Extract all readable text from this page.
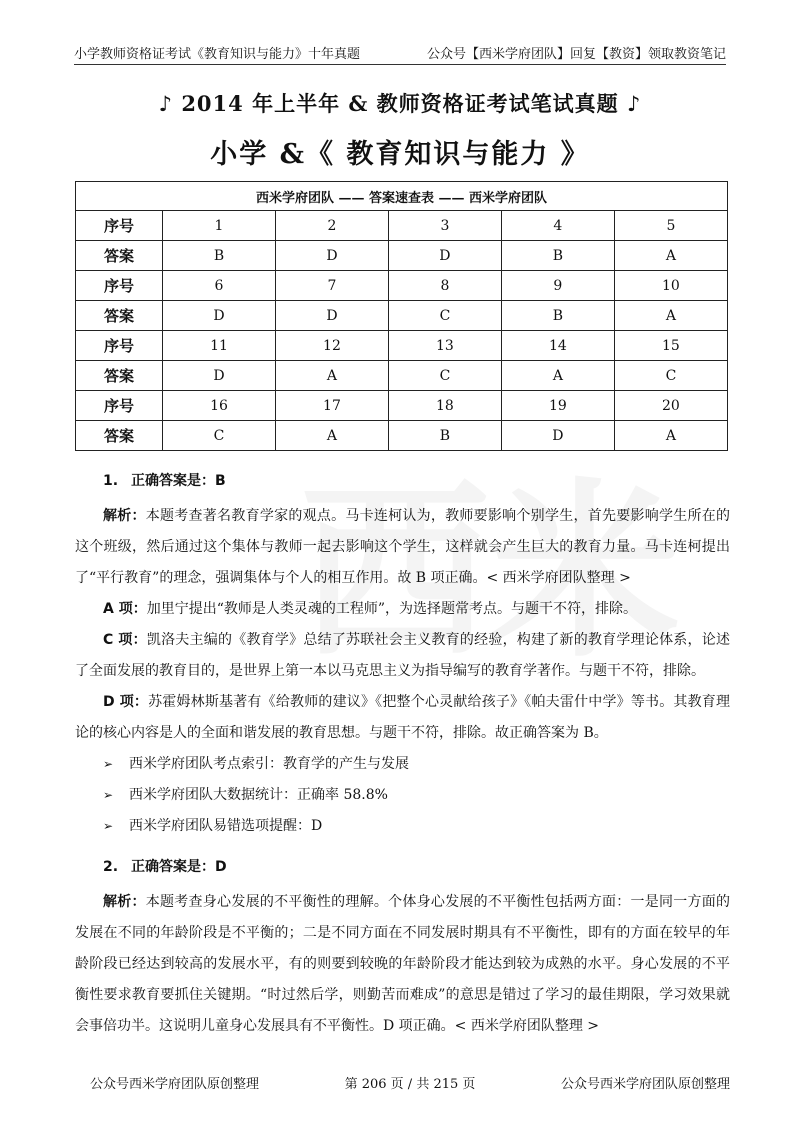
小学教师资格证考试《教育知识与能力》十年真题	公众号【西米学府团队】回复【教资】领取教资笔记
♪ 2014 年上半年 & 教师资格证考试笔试真题 ♪
小学 &《 教育知识与能力 》
西米学府团队 —— 答案速查表 —— 西米学府团队					
序号	1	2	3	4	5
答案	B	D	D	B	A
序号	6	7	8	9	10
答案	D	D	C	B	A
序号	11	12	13	14	15
答案	D	A	C	A	C
序号	16	17	18	19	20
答案	C	A	B	D	A

1. 正确答案是：B

解析：本题考查著名教育学家的观点。马卡连柯认为，教师要影响个别学生，首先要影响学生所在的这个班级，然后通过这个集体与教师一起去影响这个学生，这样就会产生巨大的教育力量。马卡连柯提出了“平行教育”的理念，强调集体与个人的相互作用。故 B 项正确。< 西米学府团队整理 >

A 项：加里宁提出“教师是人类灵魂的工程师”，为选择题常考点。与题干不符，排除。

C 项：凯洛夫主编的《教育学》总结了苏联社会主义教育的经验，构建了新的教育学理论体系，论述了全面发展的教育目的，是世界上第一本以马克思主义为指导编写的教育学著作。与题干不符，排除。

D 项：苏霍姆林斯基著有《给教师的建议》《把整个心灵献给孩子》《帕夫雷什中学》等书。其教育理论的核心内容是人的全面和谐发展的教育思想。与题干不符，排除。故正确答案为 B。

➢	西米学府团队考点索引：教育学的产生与发展

➢	西米学府团队大数据统计：正确率 58.8%

➢	西米学府团队易错选项提醒：D

2. 正确答案是：D

解析：本题考查身心发展的不平衡性的理解。个体身心发展的不平衡性包括两方面：一是同一方面的发展在不同的年龄阶段是不平衡的；二是不同方面在不同发展时期具有不平衡性，即有的方面在较早的年龄阶段已经达到较高的发展水平，有的则要到较晚的年龄阶段才能达到较为成熟的水平。身心发展的不平衡性要求教育要抓住关键期。“时过然后学，则勤苦而难成”的意思是错过了学习的最佳期限，学习效果就会事倍功半。这说明儿童身心发展具有不平衡性。D 项正确。< 西米学府团队整理 >

公众号西米学府团队原创整理	第 206 页 / 共 215 页	公众号西米学府团队原创整理
